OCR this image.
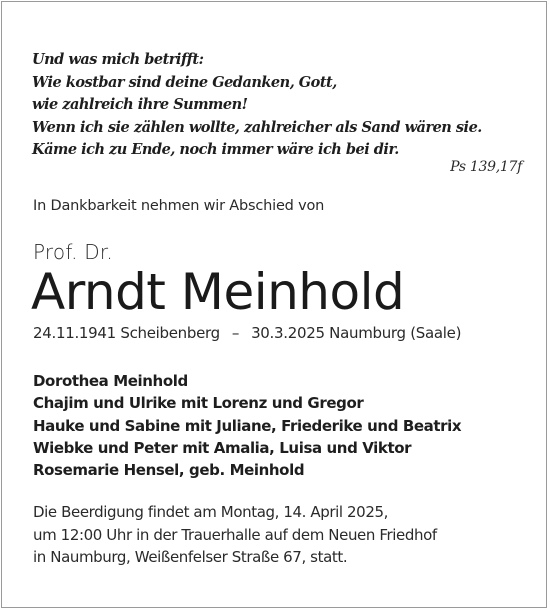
Und was mich betrifft:
Wie kostbar sind deine Gedanken, Gott,
wie zahlreich ihre Summen!
Wenn ich sie zählen wollte, zahlreicher als Sand wären sie.
Käme ich zu Ende, noch immer wäre ich bei dir.
Ps 139,17f
In Dankbarkeit nehmen wir Abschied von
Prof. Dr.
Arndt Meinhold
24.11.1941 Scheibenberg – 30.3.2025 Naumburg (Saale)
Dorothea Meinhold
Chajim und Ulrike mit Lorenz und Gregor
Hauke und Sabine mit Juliane, Friederike und Beatrix
Wiebke und Peter mit Amalia, Luisa und Viktor
Rosemarie Hensel, geb. Meinhold
Die Beerdigung findet am Montag, 14. April 2025,
um 12:00 Uhr in der Trauerhalle auf dem Neuen Friedhof
in Naumburg, Weißenfelser Straße 67, statt.
